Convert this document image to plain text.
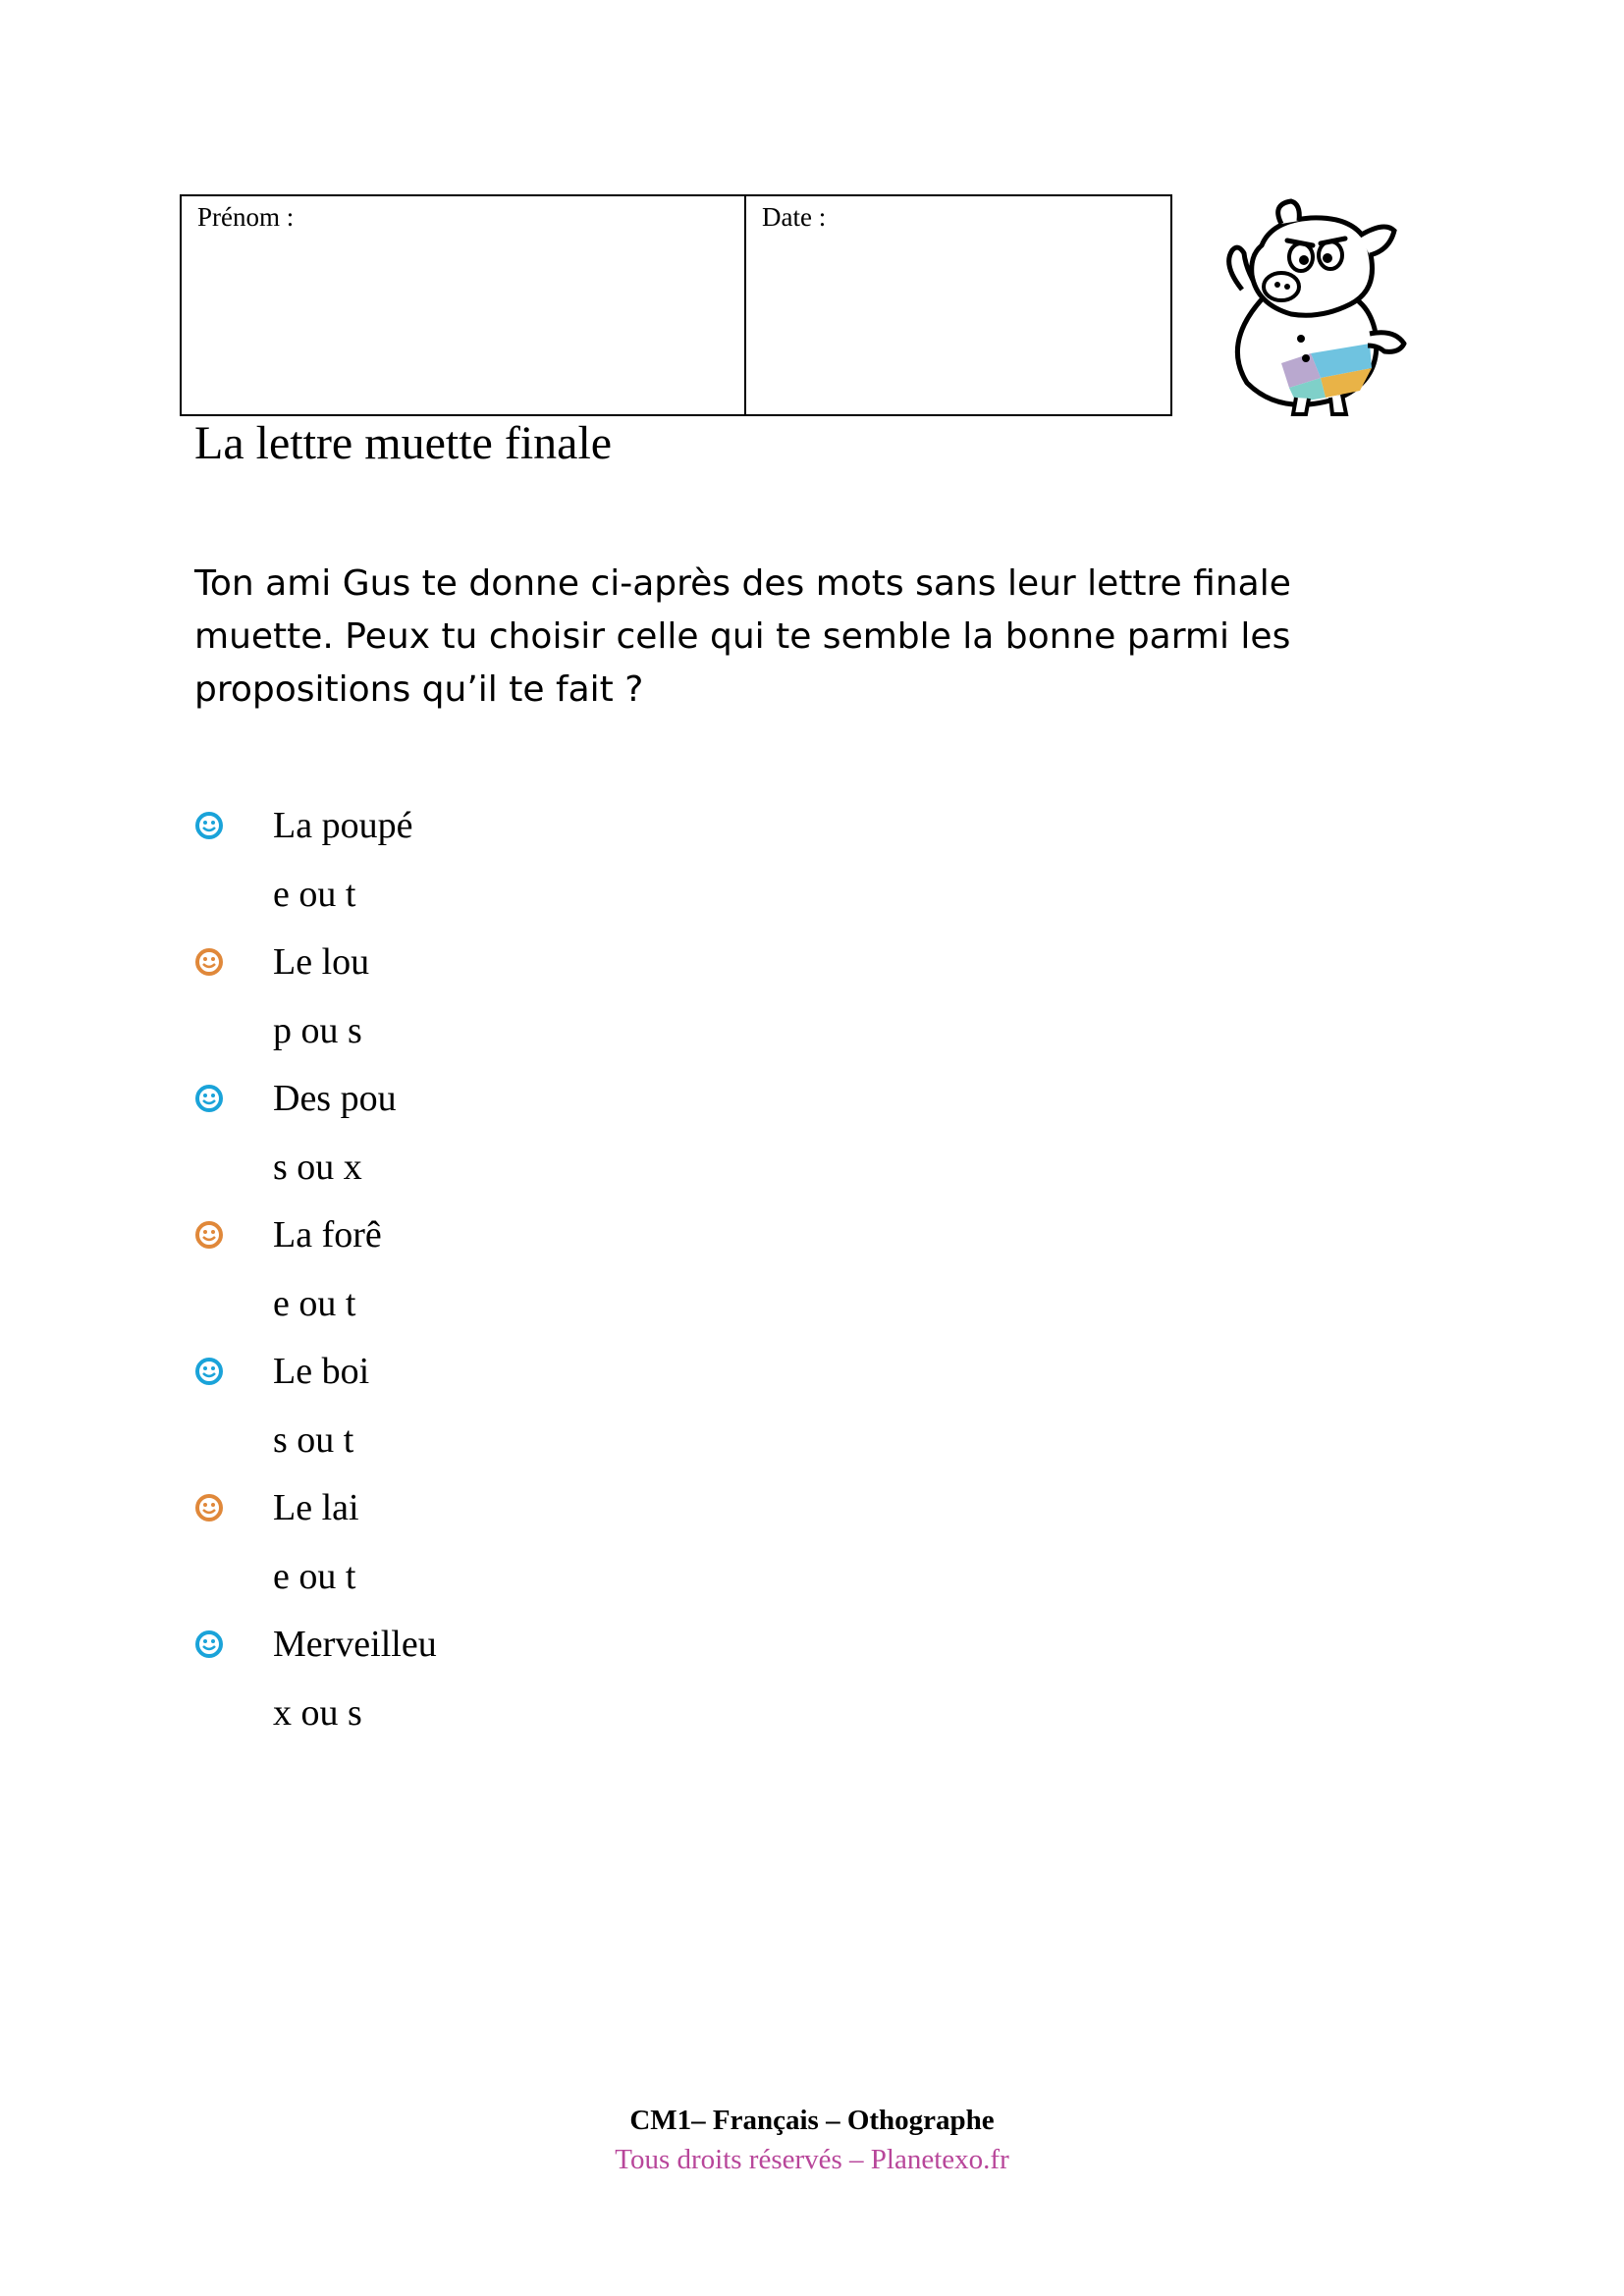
Prénom :	Date :
La lettre muette finale

Ton ami Gus te donne ci-après des mots sans leur lettre finale muette. Peux tu choisir celle qui te semble la bonne parmi les propositions qu’il te fait ?

La poupé
e ou t
Le lou
p ou s
Des pou
s ou x
La forê
e ou t
Le boi
s ou t
Le lai
e ou t
Merveilleu
x ou s
CM1– Français – Othographe
Tous droits réservés – Planetexo.fr
